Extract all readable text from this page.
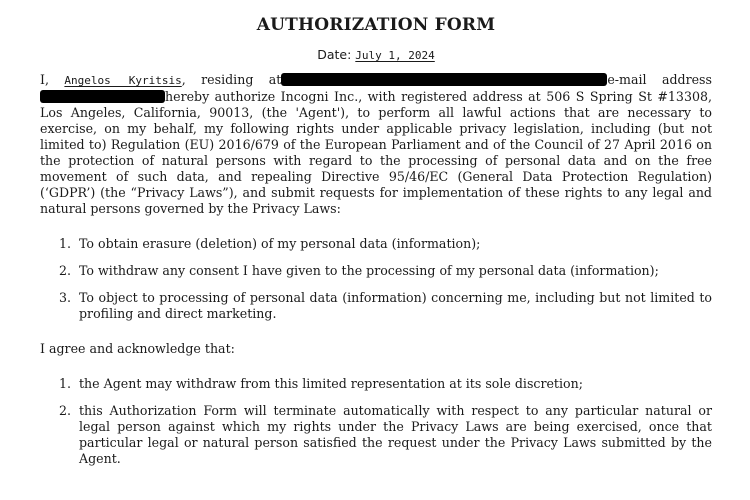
AUTHORIZATION FORM
Date: July 1, 2024

I, Angelos Kyritsis, residing at	e-mail address hereby authorize Incogni Inc., with registered address at 506 S Spring St #13308, Los Angeles, California, 90013, (the 'Agent'), to perform all lawful actions that are necessary to exercise, on my behalf, my following rights under applicable privacy legislation, including (but not limited to) Regulation (EU) 2016/679 of the European Parliament and of the Council of 27 April 2016 on the protection of natural persons with regard to the processing of personal data and on the free movement of such data, and repealing Directive 95/46/EC (General Data Protection Regulation) (‘GDPR’) (the “Privacy Laws”), and submit requests for implementation of these rights to any legal and natural persons governed by the Privacy Laws:

1. To obtain erasure (deletion) of my personal data (information);
2. To withdraw any consent I have given to the processing of my personal data (information);
3. To object to processing of personal data (information) concerning me, including but not limited to profiling and direct marketing.

I agree and acknowledge that:

1. the Agent may withdraw from this limited representation at its sole discretion;
2. this Authorization Form will terminate automatically with respect to any particular natural or legal person against which my rights under the Privacy Laws are being exercised, once that particular legal or natural person satisfied the request under the Privacy Laws submitted by the Agent.
